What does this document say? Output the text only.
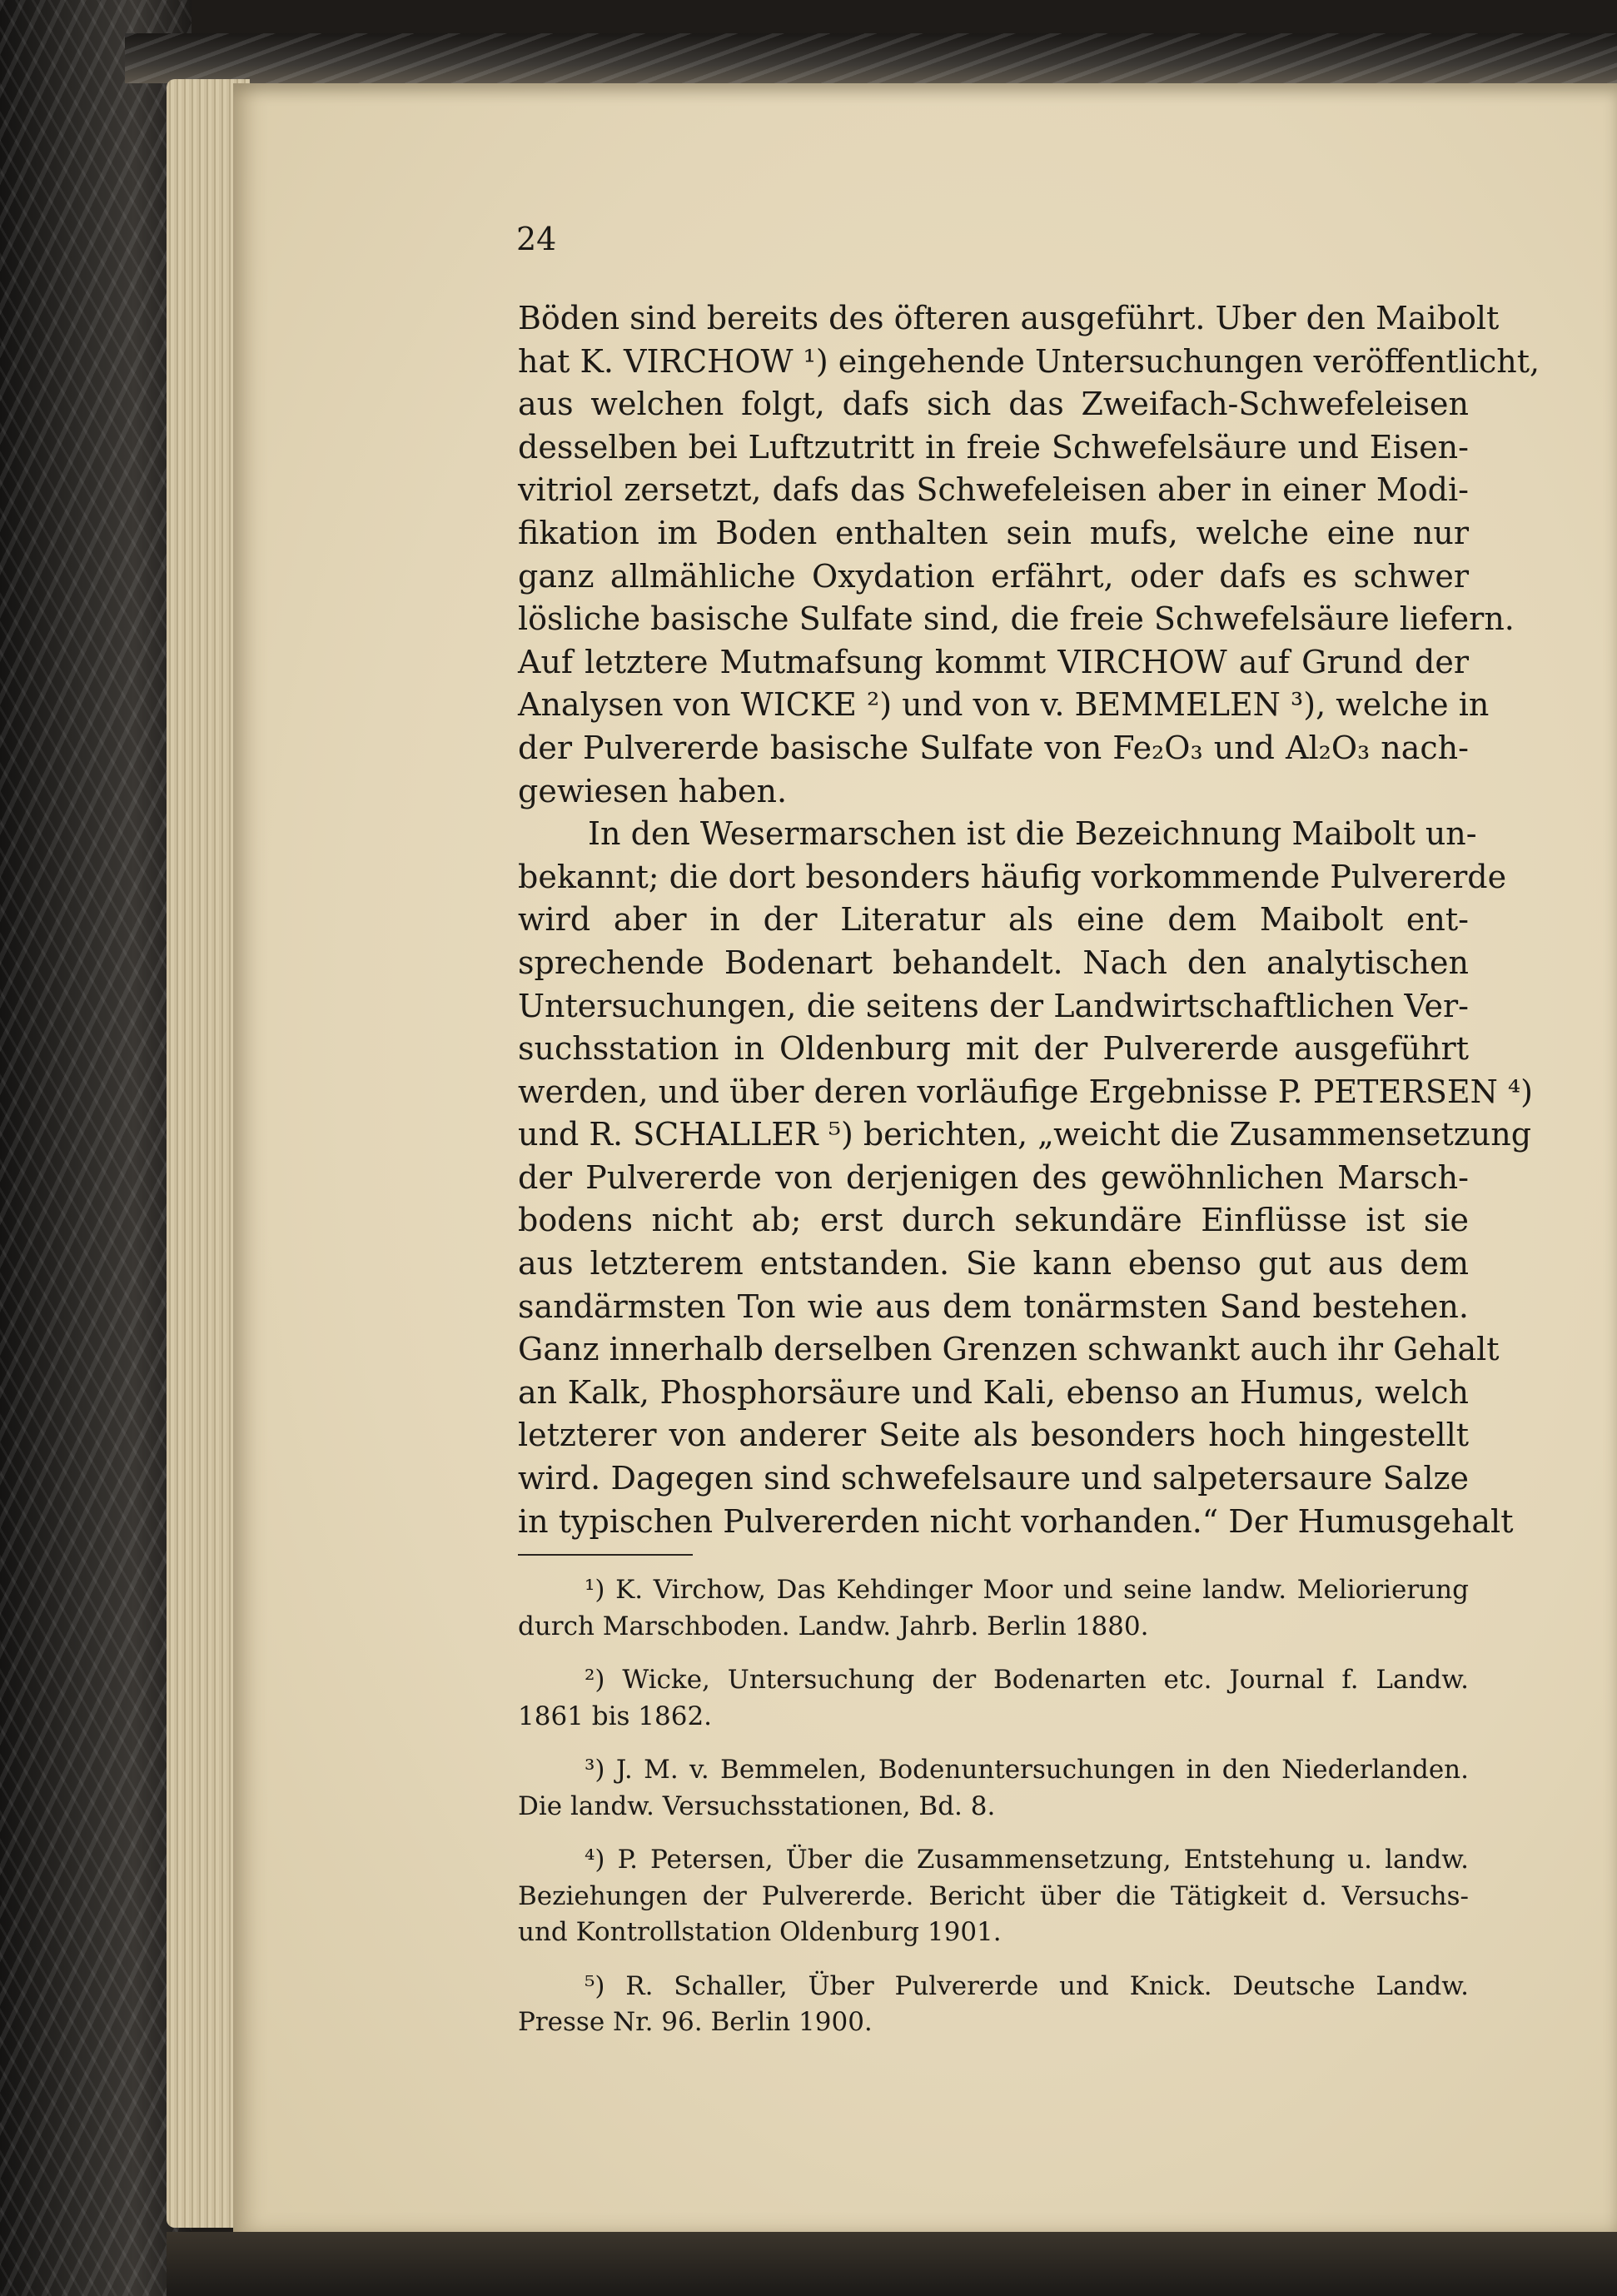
24
Böden sind bereits des öfteren ausgeführt. Uber den Maibolt
hat K. VIRCHOW ¹) eingehende Untersuchungen veröffentlicht,
aus welchen folgt, dafs sich das Zweifach-Schwefeleisen
desselben bei Luftzutritt in freie Schwefelsäure und Eisen-
vitriol zersetzt, dafs das Schwefeleisen aber in einer Modi-
fikation im Boden enthalten sein mufs, welche eine nur
ganz allmähliche Oxydation erfährt, oder dafs es schwer
lösliche basische Sulfate sind, die freie Schwefelsäure liefern.
Auf letztere Mutmafsung kommt VIRCHOW auf Grund der
Analysen von WICKE ²) und von v. BEMMELEN ³), welche in
der Pulvererde basische Sulfate von Fe₂O₃ und Al₂O₃ nach-
gewiesen haben.
In den Wesermarschen ist die Bezeichnung Maibolt un-
bekannt; die dort besonders häufig vorkommende Pulvererde
wird aber in der Literatur als eine dem Maibolt ent-
sprechende Bodenart behandelt. Nach den analytischen
Untersuchungen, die seitens der Landwirtschaftlichen Ver-
suchsstation in Oldenburg mit der Pulvererde ausgeführt
werden, und über deren vorläufige Ergebnisse P. PETERSEN ⁴)
und R. SCHALLER ⁵) berichten, „weicht die Zusammensetzung
der Pulvererde von derjenigen des gewöhnlichen Marsch-
bodens nicht ab; erst durch sekundäre Einflüsse ist sie
aus letzterem entstanden. Sie kann ebenso gut aus dem
sandärmsten Ton wie aus dem tonärmsten Sand bestehen.
Ganz innerhalb derselben Grenzen schwankt auch ihr Gehalt
an Kalk, Phosphorsäure und Kali, ebenso an Humus, welch
letzterer von anderer Seite als besonders hoch hingestellt
wird. Dagegen sind schwefelsaure und salpetersaure Salze
in typischen Pulvererden nicht vorhanden.“ Der Humusgehalt
¹) K. Virchow, Das Kehdinger Moor und seine landw. Meliorierung
durch Marschboden. Landw. Jahrb. Berlin 1880.
²) Wicke, Untersuchung der Bodenarten etc. Journal f. Landw.
1861 bis 1862.
³) J. M. v. Bemmelen, Bodenuntersuchungen in den Niederlanden.
Die landw. Versuchsstationen, Bd. 8.
⁴) P. Petersen, Über die Zusammensetzung, Entstehung u. landw.
Beziehungen der Pulvererde. Bericht über die Tätigkeit d. Versuchs-
und Kontrollstation Oldenburg 1901.
⁵) R. Schaller, Über Pulvererde und Knick. Deutsche Landw.
Presse Nr. 96. Berlin 1900.
